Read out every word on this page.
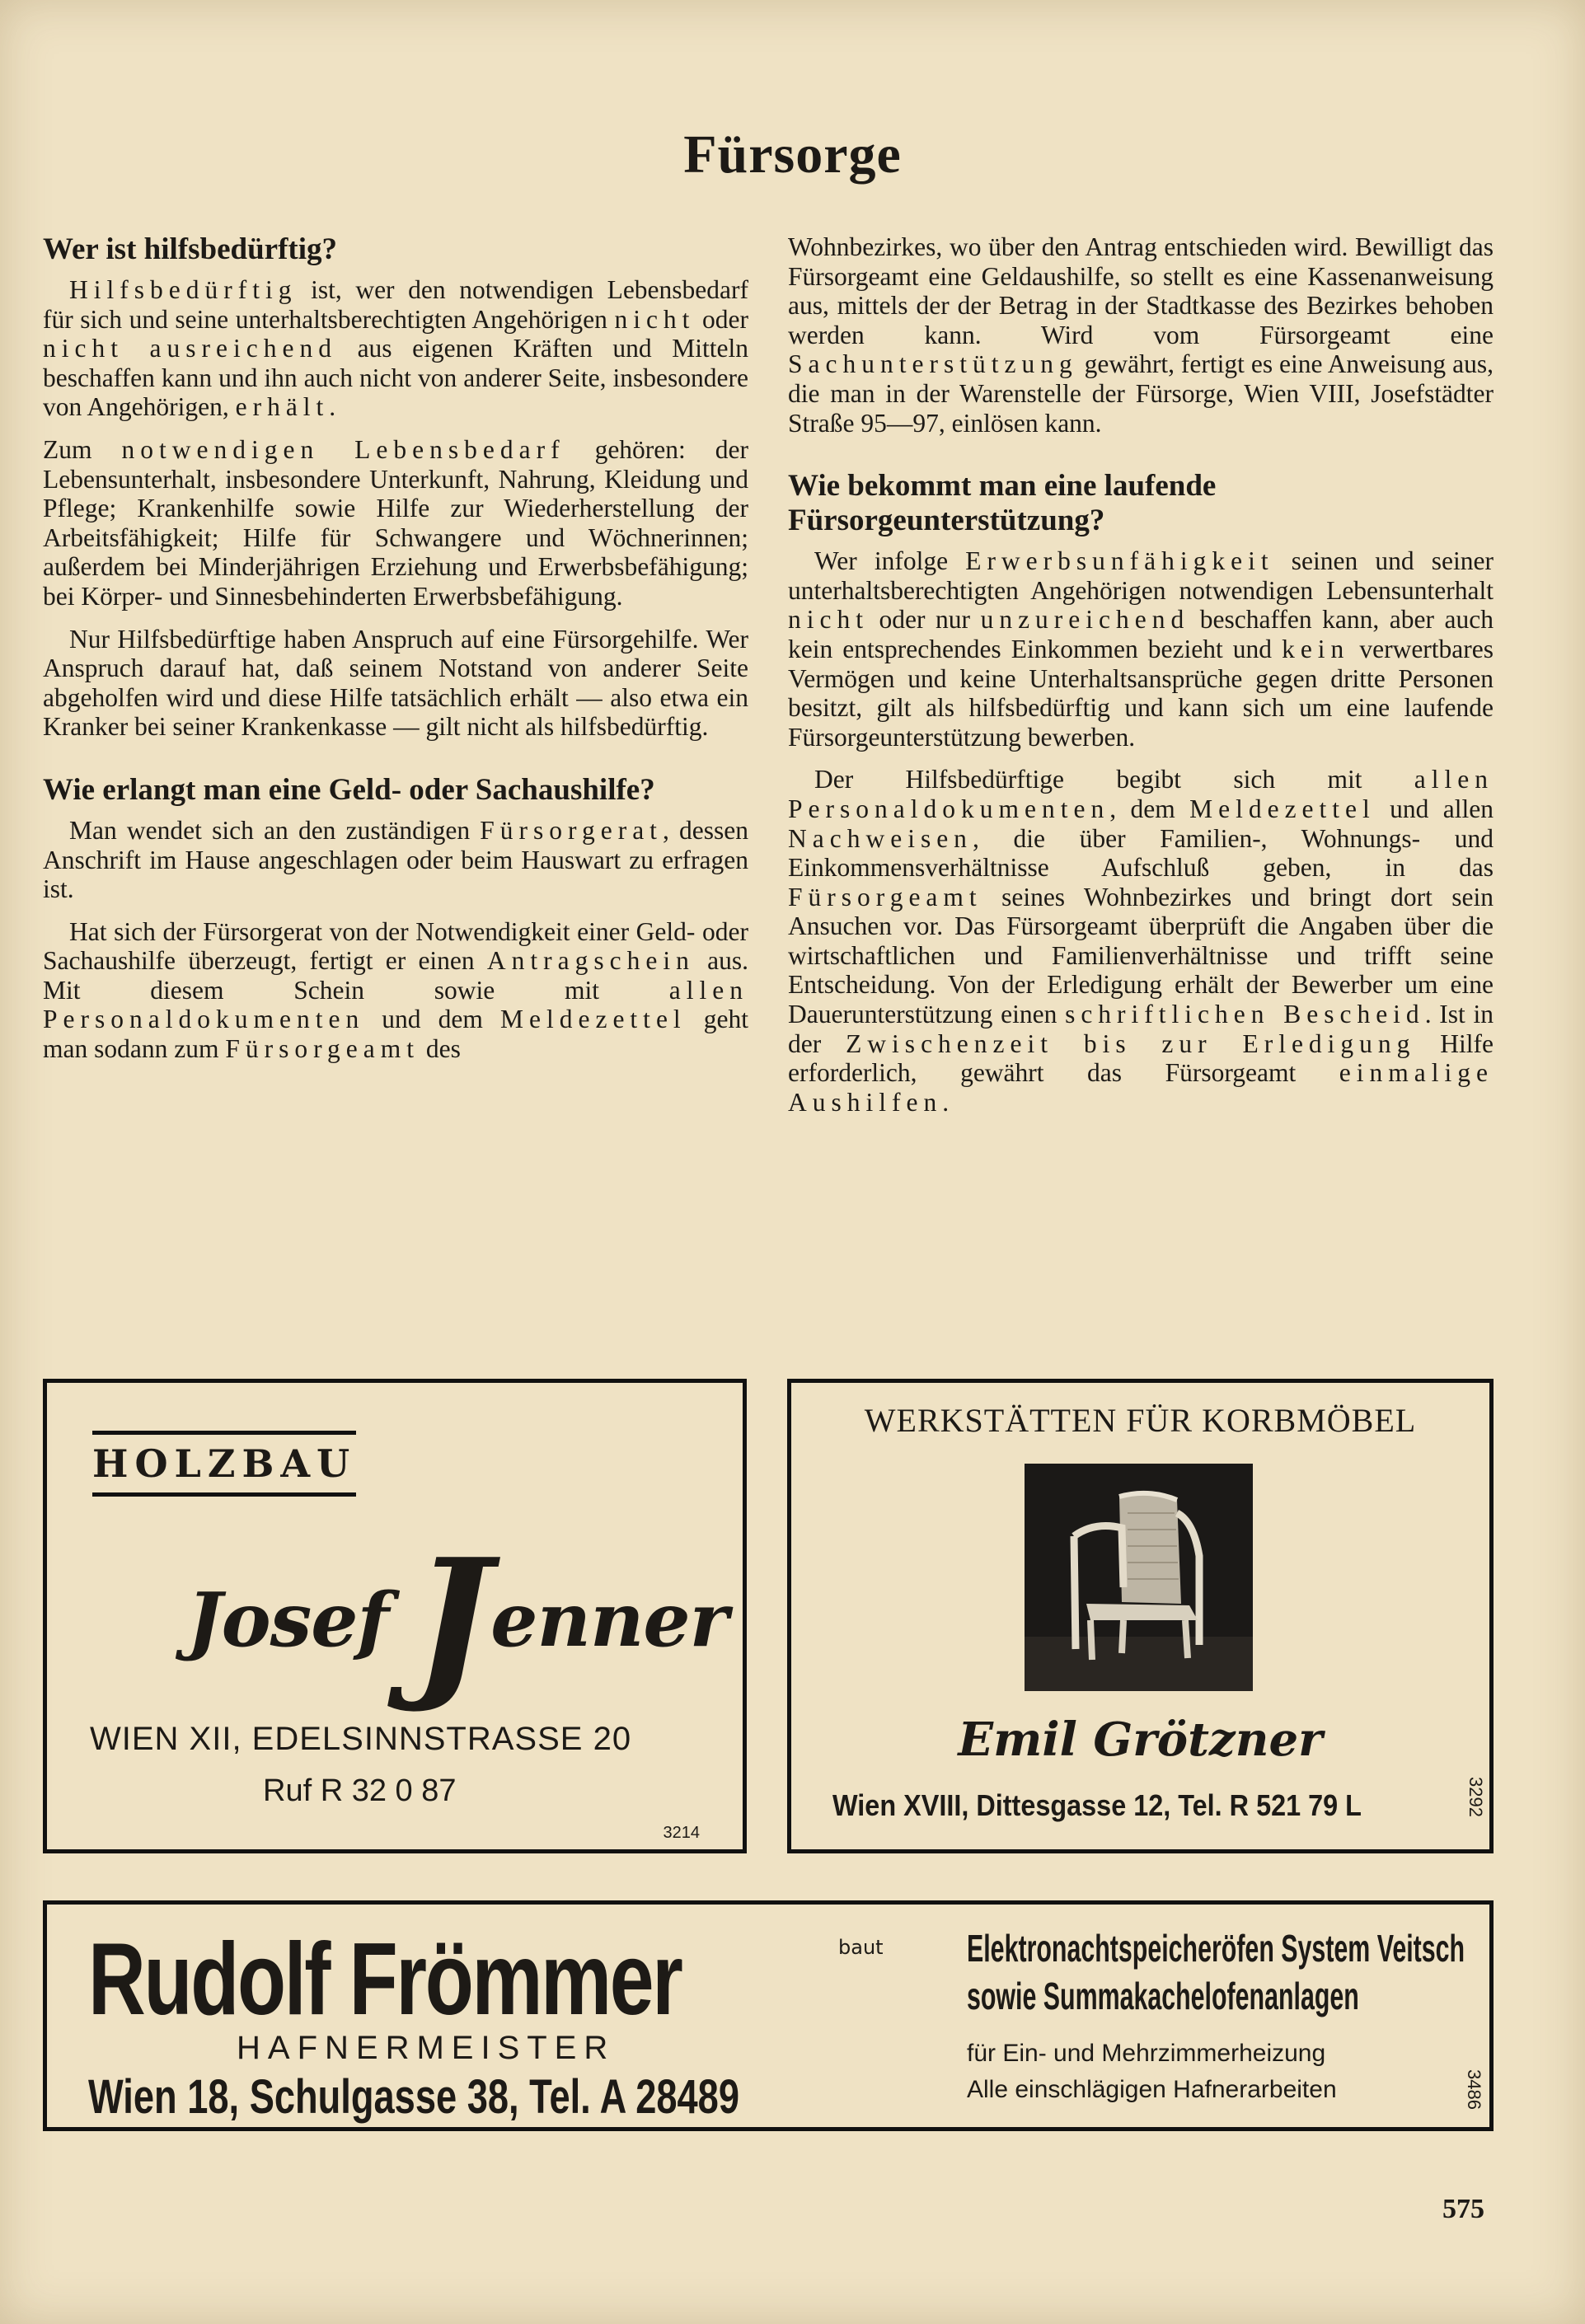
Fürsorge
Wer ist hilfsbedürftig?

Hilfsbedürftig ist, wer den notwendigen Lebensbedarf für sich und seine unterhaltsberechtigten Angehörigen nicht oder nicht ausreichend aus eigenen Kräften und Mitteln beschaffen kann und ihn auch nicht von anderer Seite, insbesondere von Angehörigen, erhält.

Zum notwendigen Lebensbedarf gehören: der Lebensunterhalt, insbesondere Unterkunft, Nahrung, Kleidung und Pflege; Krankenhilfe sowie Hilfe zur Wiederherstellung der Arbeitsfähigkeit; Hilfe für Schwangere und Wöchnerinnen; außerdem bei Minderjährigen Erziehung und Erwerbsbefähigung; bei Körper- und Sinnesbehinderten Erwerbsbefähigung.

Nur Hilfsbedürftige haben Anspruch auf eine Fürsorgehilfe. Wer Anspruch darauf hat, daß seinem Notstand von anderer Seite abgeholfen wird und diese Hilfe tatsächlich erhält — also etwa ein Kranker bei seiner Krankenkasse — gilt nicht als hilfsbedürftig.

Wie erlangt man eine Geld- oder Sachaushilfe?

Man wendet sich an den zuständigen Fürsorgerat, dessen Anschrift im Hause angeschlagen oder beim Hauswart zu erfragen ist.

Hat sich der Fürsorgerat von der Notwendigkeit einer Geld- oder Sachaushilfe überzeugt, fertigt er einen Antragschein aus. Mit diesem Schein sowie mit allen Personaldokumenten und dem Meldezettel geht man sodann zum Fürsorgeamt des

Wohnbezirkes, wo über den Antrag entschieden wird. Bewilligt das Fürsorgeamt eine Geldaushilfe, so stellt es eine Kassenanweisung aus, mittels der der Betrag in der Stadtkasse des Bezirkes behoben werden kann. Wird vom Fürsorgeamt eine Sachunterstützung gewährt, fertigt es eine Anweisung aus, die man in der Warenstelle der Fürsorge, Wien VIII, Josefstädter Straße 95—97, einlösen kann.

Wie bekommt man eine laufende Fürsorgeunterstützung?

Wer infolge Erwerbsunfähigkeit seinen und seiner unterhaltsberechtigten Angehörigen notwendigen Lebensunterhalt nicht oder nur unzureichend beschaffen kann, aber auch kein entsprechendes Einkommen bezieht und kein verwertbares Vermögen und keine Unterhaltsansprüche gegen dritte Personen besitzt, gilt als hilfsbedürftig und kann sich um eine laufende Fürsorgeunterstützung bewerben.

Der Hilfsbedürftige begibt sich mit allen Personaldokumenten, dem Meldezettel und allen Nachweisen, die über Familien-, Wohnungs- und Einkommensverhältnisse Aufschluß geben, in das Fürsorgeamt seines Wohnbezirkes und bringt dort sein Ansuchen vor. Das Fürsorgeamt überprüft die Angaben über die wirtschaftlichen und Familienverhältnisse und trifft seine Entscheidung. Von der Erledigung erhält der Bewerber um eine Dauerunterstützung einen schriftlichen Bescheid. Ist in der Zwischenzeit bis zur Erledigung Hilfe erforderlich, gewährt das Fürsorgeamt einmalige Aushilfen.

HOLZBAU
Josef Jenner
WIEN XII, EDELSINNSTRASSE 20
Ruf R 32 0 87
3214
WERKSTÄTTEN FÜR KORBMÖBEL
Emil Grötzner
Wien XVIII, Dittesgasse 12, Tel. R 521 79 L	3292
Rudolf Frömmer
HAFNERMEISTER
Wien 18, Schulgasse 38, Tel. A 28489
baut Elektronachtspeicheröfen System Veitsch
sowie Summakachelofenanlagen
für Ein- und Mehrzimmerheizung
Alle einschlägigen Hafnerarbeiten	3486
575
